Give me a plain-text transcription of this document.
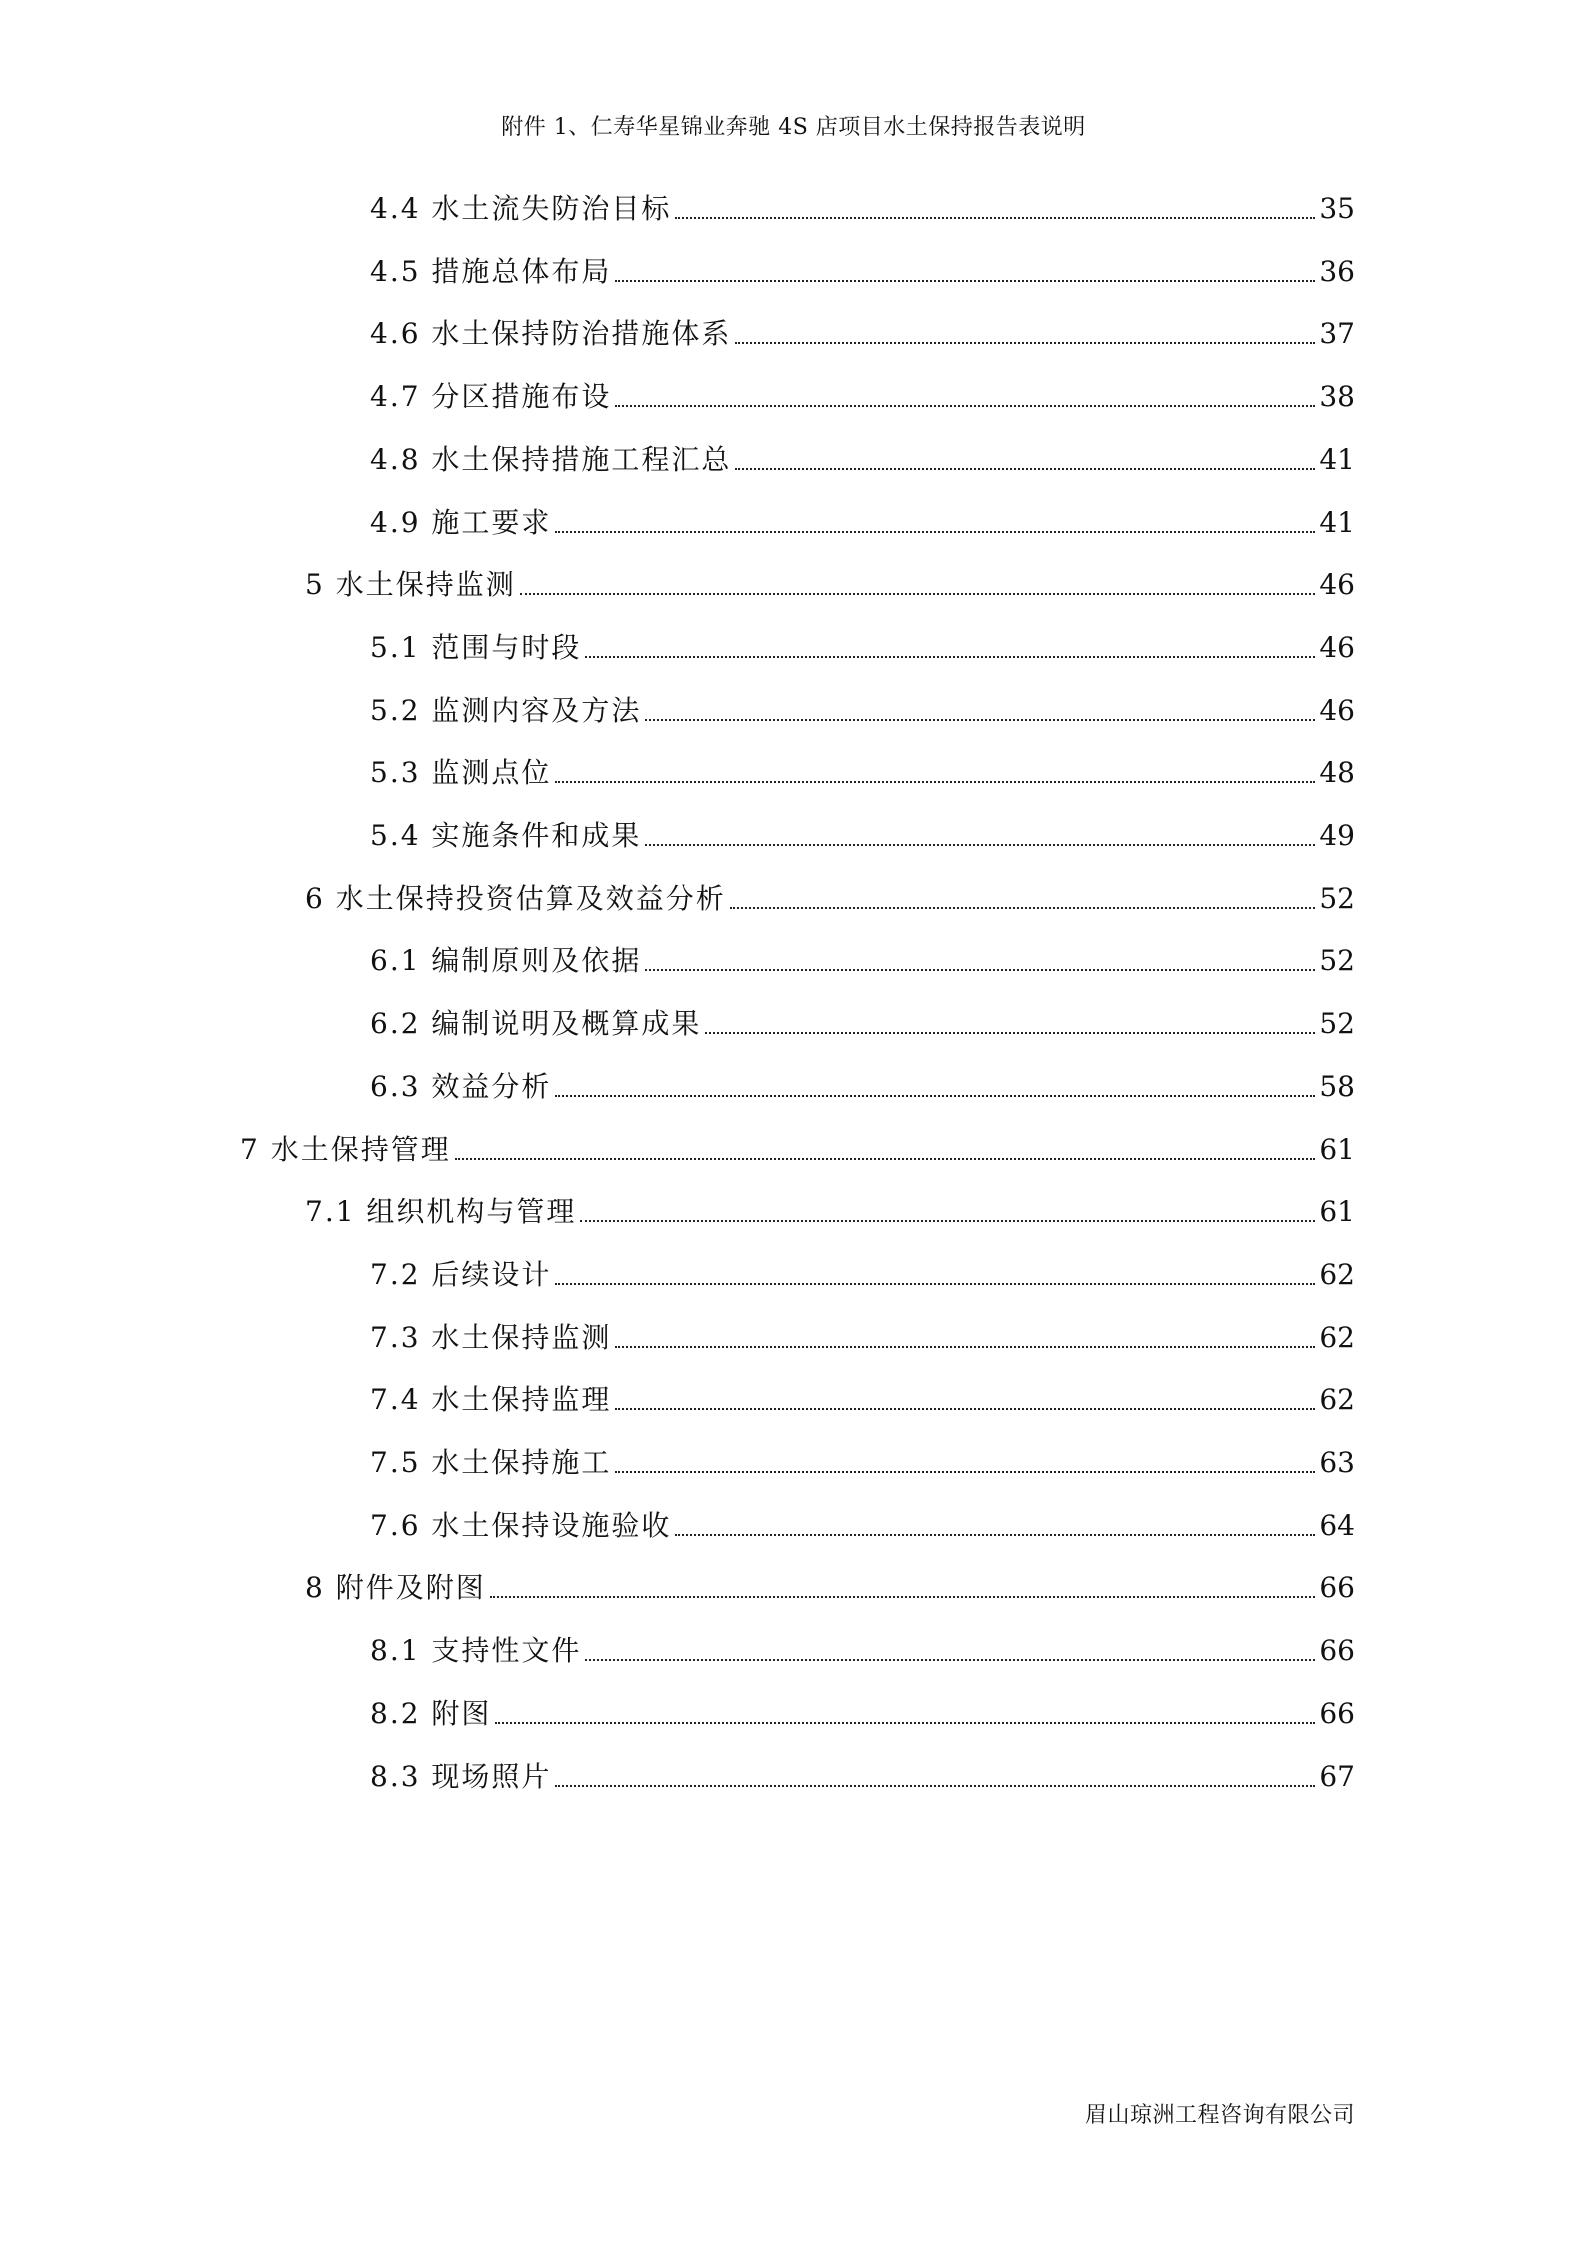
附件 1、仁寿华星锦业奔驰 4S 店项目水土保持报告表说明
4.4 水土流失防治目标	35
4.5 措施总体布局	36
4.6 水土保持防治措施体系	37
4.7 分区措施布设	38
4.8 水土保持措施工程汇总	41
4.9 施工要求	41
5 水土保持监测	46
5.1 范围与时段	46
5.2 监测内容及方法	46
5.3 监测点位	48
5.4 实施条件和成果	49
6 水土保持投资估算及效益分析	52
6.1 编制原则及依据	52
6.2 编制说明及概算成果	52
6.3 效益分析	58
7 水土保持管理	61
7.1 组织机构与管理	61
7.2 后续设计	62
7.3 水土保持监测	62
7.4 水土保持监理	62
7.5 水土保持施工	63
7.6 水土保持设施验收	64
8 附件及附图	66
8.1 支持性文件	66
8.2 附图	66
8.3 现场照片	67
眉山琼洲工程咨询有限公司
